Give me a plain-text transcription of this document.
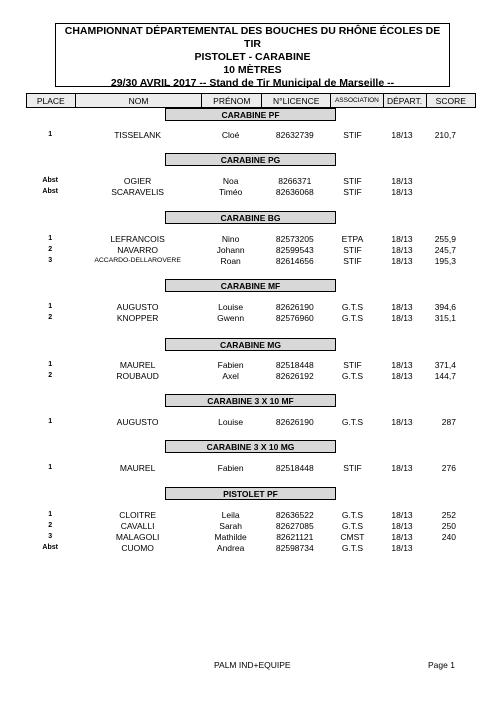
CHAMPIONNAT DÉPARTEMENTAL DES BOUCHES DU RHÔNE ÉCOLES DE TIR
PISTOLET - CARABINE
10 MÈTRES
29/30 AVRIL 2017 -- Stand de Tir Municipal de Marseille --
PLACE	NOM	PRÉNOM	N°LICENCE	ASSOCIATION DÉPART.	SCORE
CARABINE PF
1	TISSELANK	Cloé	82632739	STIF	18/13	210,7
CARABINE PG
Abst	OGIER	Noa	8266371	STIF	18/13
Abst	SCARAVELIS	Timéo	82636068	STIF	18/13
CARABINE BG
1	LEFRANCOIS	Nino	82573205	ETPA	18/13	255,9
2	NAVARRO	Johann	82599543	STIF	18/13	245,7
3	ACCARDO-DELLAROVERE	Roan	82614656	STIF	18/13	195,3
CARABINE MF
1	AUGUSTO	Louise	82626190	G.T.S	18/13	394,6
2	KNOPPER	Gwenn	82576960	G.T.S	18/13	315,1
CARABINE MG
1	MAUREL	Fabien	82518448	STIF	18/13	371,4
2	ROUBAUD	Axel	82626192	G.T.S	18/13	144,7
CARABINE 3 X 10 MF
1	AUGUSTO	Louise	82626190	G.T.S	18/13	287
CARABINE 3 X 10 MG
1	MAUREL	Fabien	82518448	STIF	18/13	276
PISTOLET PF
1	CLOITRE	Leila	82636522	G.T.S	18/13	252
2	CAVALLI	Sarah	82627085	G.T.S	18/13	250
3	MALAGOLI	Mathilde	82621121	CMST	18/13	240
Abst	CUOMO	Andrea	82598734	G.T.S	18/13
PALM IND+EQUIPE	Page 1
